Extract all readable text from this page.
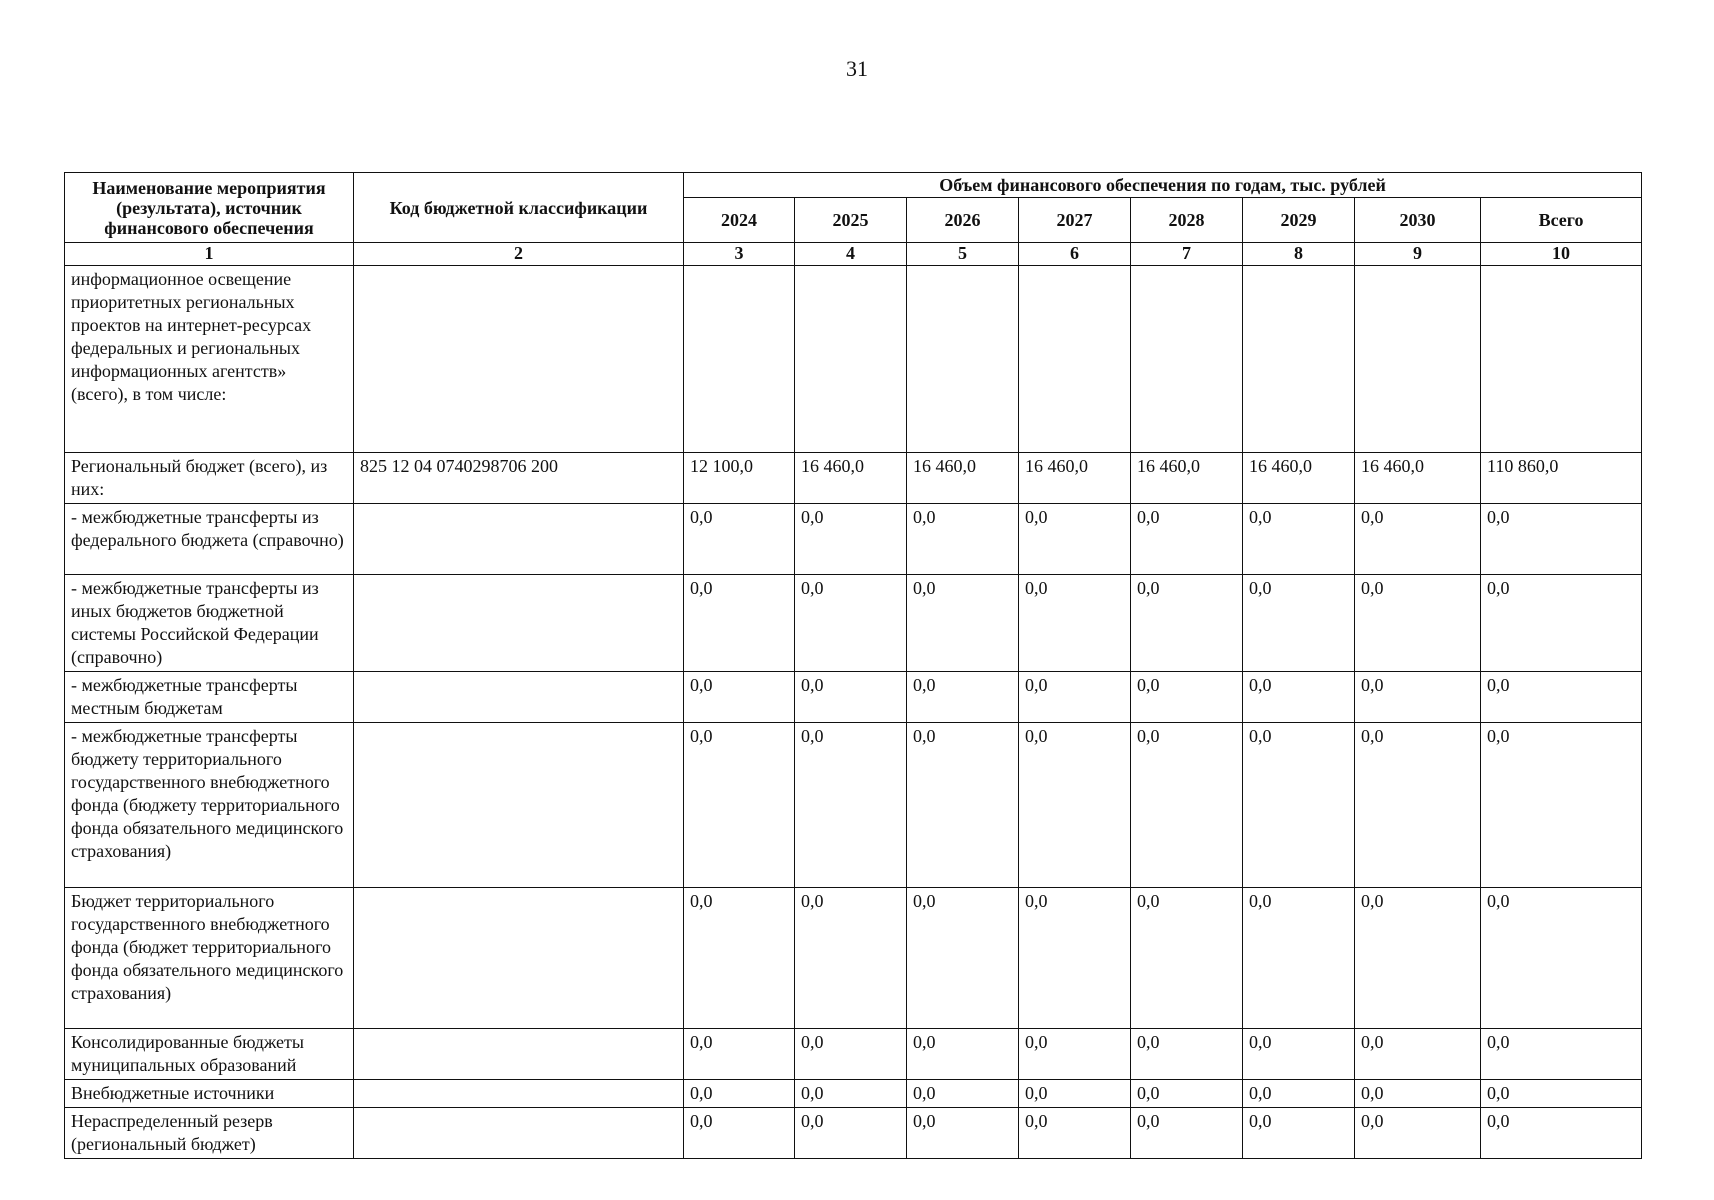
31
Наименование мероприятия (результата), источник финансового обеспечения	Код бюджетной классификации	Объем финансового обеспечения по годам, тыс. рублей							
		2024	2025	2026	2027	2028	2029	2030	Всего
1	2	3	4	5	6	7	8	9	10
информационное освещение приоритетных региональных проектов на интернет-ресурсах федеральных и региональных информационных агентств» (всего), в том числе:									
Региональный бюджет (всего), из них:	825 12 04 0740298706 200	12 100,0	16 460,0	16 460,0	16 460,0	16 460,0	16 460,0	16 460,0	110 860,0
- межбюджетные трансферты из федерального бюджета (справочно)		0,0	0,0	0,0	0,0	0,0	0,0	0,0	0,0
- межбюджетные трансферты из иных бюджетов бюджетной системы Российской Федерации (справочно)		0,0	0,0	0,0	0,0	0,0	0,0	0,0	0,0
- межбюджетные трансферты местным бюджетам		0,0	0,0	0,0	0,0	0,0	0,0	0,0	0,0
- межбюджетные трансферты бюджету территориального государственного внебюджетного фонда (бюджету территориального фонда обязательного медицинского страхования)		0,0	0,0	0,0	0,0	0,0	0,0	0,0	0,0
Бюджет территориального государственного внебюджетного фонда (бюджет территориального фонда обязательного медицинского страхования)		0,0	0,0	0,0	0,0	0,0	0,0	0,0	0,0
Консолидированные бюджеты муниципальных образований		0,0	0,0	0,0	0,0	0,0	0,0	0,0	0,0
Внебюджетные источники		0,0	0,0	0,0	0,0	0,0	0,0	0,0	0,0
Нераспределенный резерв (региональный бюджет)		0,0	0,0	0,0	0,0	0,0	0,0	0,0	0,0
